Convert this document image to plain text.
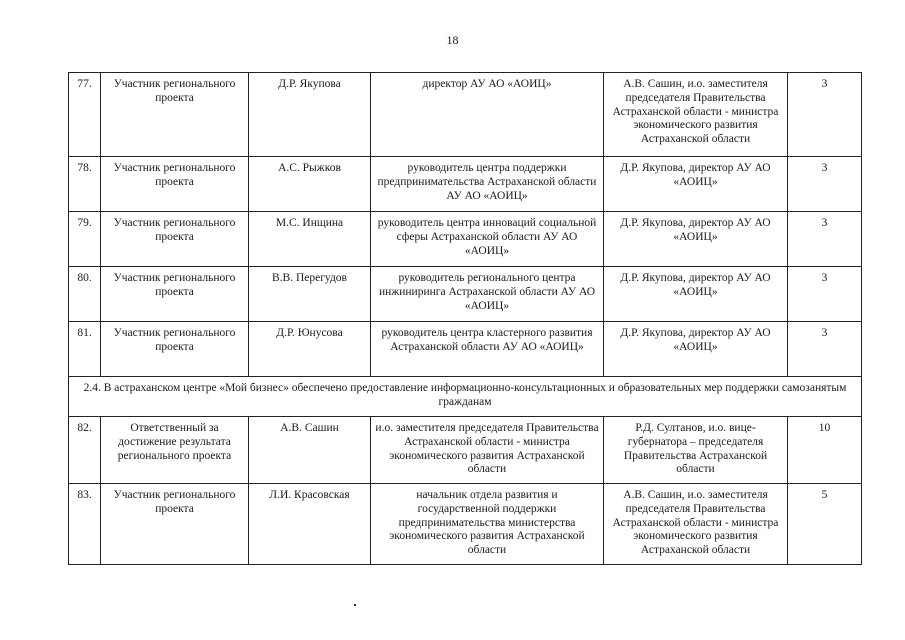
18
77.	Участник регионального проекта	Д.Р. Якупова	директор АУ АО «АОИЦ»	А.В. Сашин, и.о. заместителя председателя Правительства Астраханской области - министра экономического развития Астраханской области	3
78.	Участник регионального проекта	А.С. Рыжков	руководитель центра поддержки предпринимательства Астраханской области АУ АО «АОИЦ»	Д.Р. Якупова, директор АУ АО «АОИЦ»	3
79.	Участник регионального проекта	М.С. Инщина	руководитель центра инноваций социальной сферы Астраханской области АУ АО «АОИЦ»	Д.Р. Якупова, директор АУ АО «АОИЦ»	3
80.	Участник регионального проекта	В.В. Перегудов	руководитель регионального центра инжиниринга Астраханской области АУ АО «АОИЦ»	Д.Р. Якупова, директор АУ АО «АОИЦ»	3
81.	Участник регионального проекта	Д.Р. Юнусова	руководитель центра кластерного развития Астраханской области АУ АО «АОИЦ»	Д.Р. Якупова, директор АУ АО «АОИЦ»	3
2.4. В астраханском центре «Мой бизнес» обеспечено предоставление информационно-консультационных и образовательных мер поддержки самозанятым гражданам					
82.	Ответственный за достижение результата регионального проекта	А.В. Сашин	и.о. заместителя председателя Правительства Астраханской области - министра экономического развития Астраханской области	Р.Д. Султанов, и.о. вице-губернатора – председателя Правительства Астраханской области	10
83.	Участник регионального проекта	Л.И. Красовская	начальник отдела развития и государственной поддержки предпринимательства министерства экономического развития Астраханской области	А.В. Сашин, и.о. заместителя председателя Правительства Астраханской области - министра экономического развития Астраханской области	5
